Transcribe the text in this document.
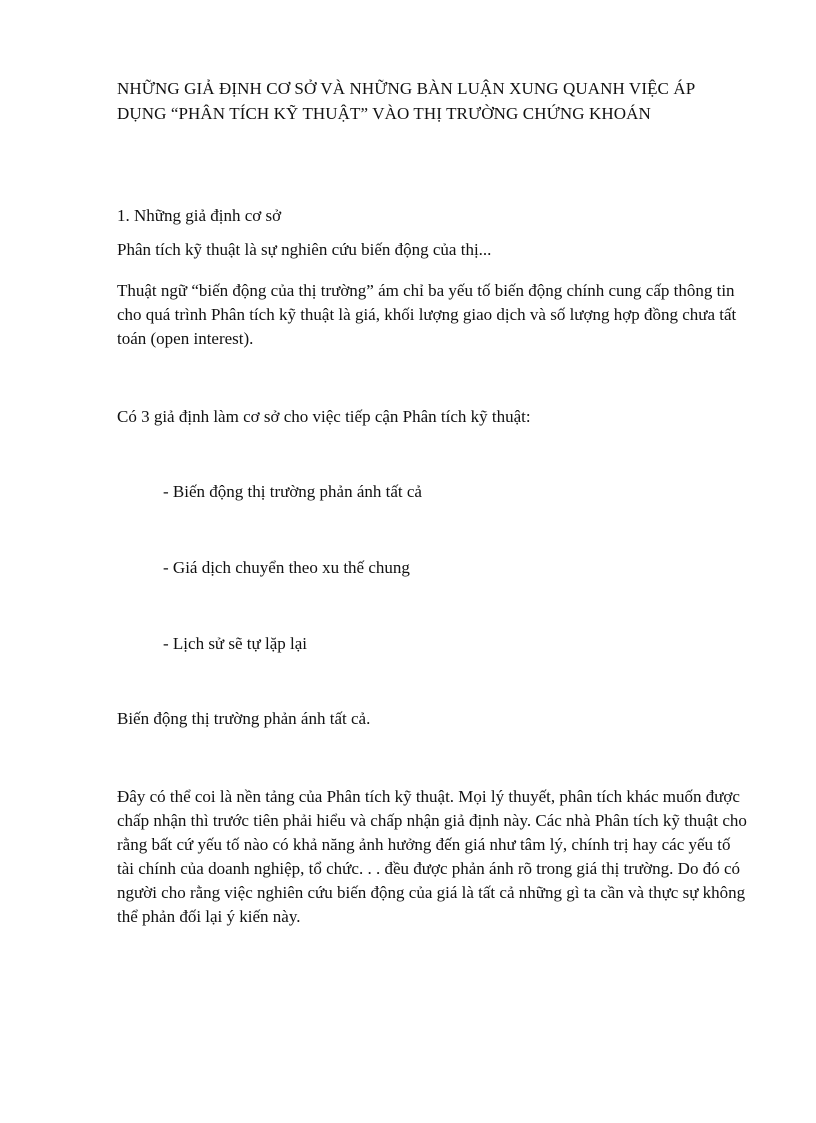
NHỮNG GIẢ ĐỊNH CƠ SỞ VÀ NHỮNG BÀN LUẬN XUNG QUANH VIỆC ÁP DỤNG “PHÂN TÍCH KỸ THUẬT” VÀO THỊ TRƯỜNG CHỨNG KHOÁN

1. Những giả định cơ sở

Phân tích kỹ thuật là sự nghiên cứu biến động của thị...

Thuật ngữ “biến động của thị trường” ám chỉ ba yếu tố biến động chính cung cấp thông tin cho quá trình Phân tích kỹ thuật là giá, khối lượng giao dịch và số lượng hợp đồng chưa tất toán (open interest).

Có 3 giả định làm cơ sở cho việc tiếp cận Phân tích kỹ thuật:

- Biến động thị trường phản ánh tất cả

- Giá dịch chuyển theo xu thế chung

- Lịch sử sẽ tự lặp lại

Biến động thị trường phản ánh tất cả.

Đây có thể coi là nền tảng của Phân tích kỹ thuật. Mọi lý thuyết, phân tích khác muốn được chấp nhận thì trước tiên phải hiểu và chấp nhận giả định này. Các nhà Phân tích kỹ thuật cho rằng bất cứ yếu tố nào có khả năng ảnh hưởng đến giá như tâm lý, chính trị hay các yếu tố tài chính của doanh nghiệp, tổ chức. . . đều được phản ánh rõ trong giá thị trường. Do đó có người cho rằng việc nghiên cứu biến động của giá là tất cả những gì ta cần và thực sự không thể phản đối lại ý kiến này.
